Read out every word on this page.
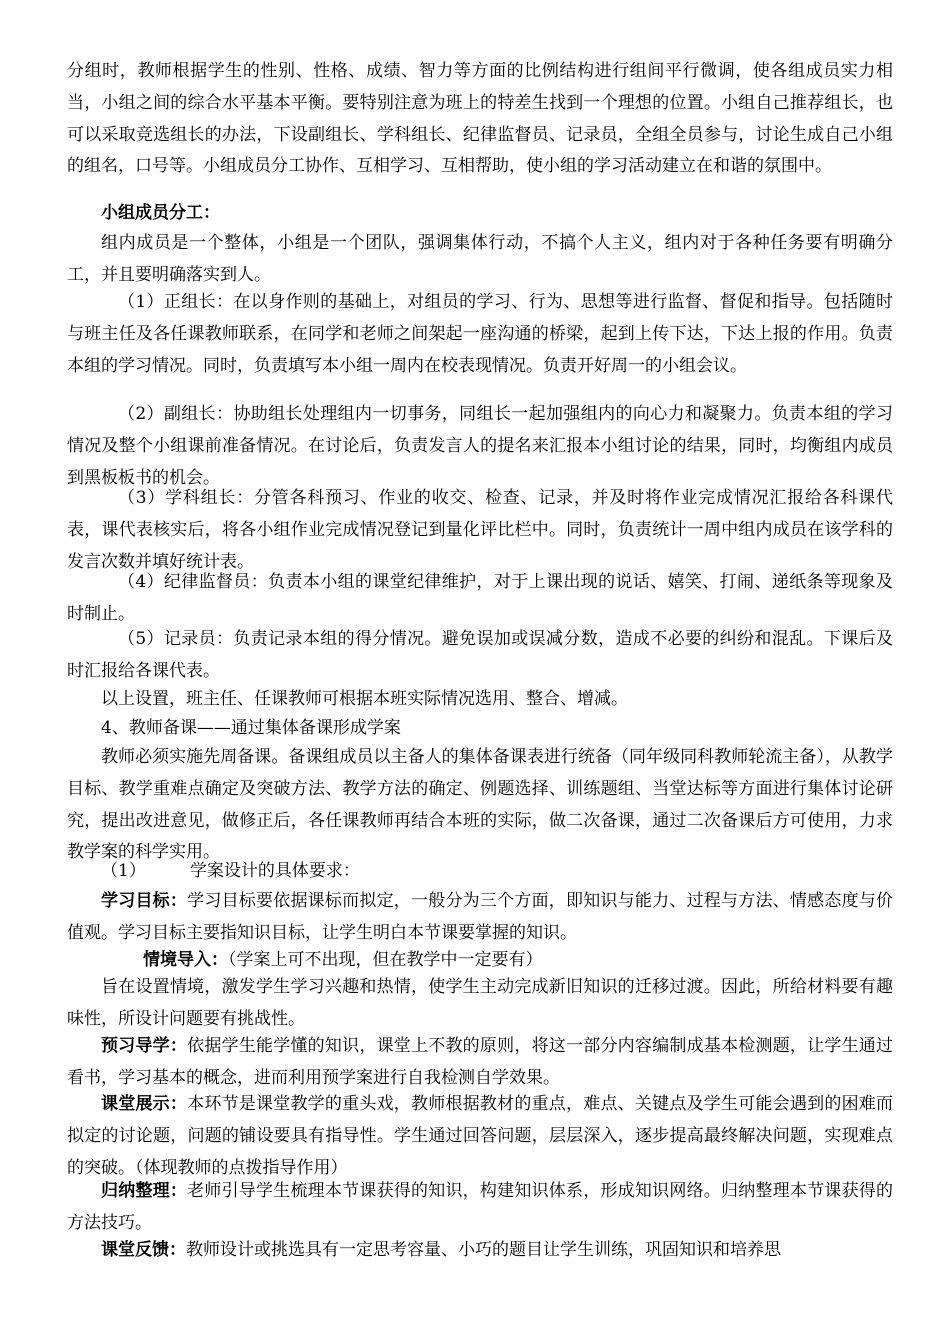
分组时，教师根据学生的性别、性格、成绩、智力等方面的比例结构进行组间平行微调，使各组成员实力相当，小组之间的综合水平基本平衡。要特别注意为班上的特差生找到一个理想的位置。小组自己推荐组长，也可以采取竞选组长的办法，下设副组长、学科组长、纪律监督员、记录员，全组全员参与，讨论生成自己小组的组名，口号等。小组成员分工协作、互相学习、互相帮助，使小组的学习活动建立在和谐的氛围中。

小组成员分工：

组内成员是一个整体，小组是一个团队，强调集体行动，不搞个人主义，组内对于各种任务要有明确分工，并且要明确落实到人。

（1）正组长：在以身作则的基础上，对组员的学习、行为、思想等进行监督、督促和指导。包括随时与班主任及各任课教师联系，在同学和老师之间架起一座沟通的桥梁，起到上传下达，下达上报的作用。负责本组的学习情况。同时，负责填写本小组一周内在校表现情况。负责开好周一的小组会议。

（2）副组长：协助组长处理组内一切事务，同组长一起加强组内的向心力和凝聚力。负责本组的学习情况及整个小组课前准备情况。在讨论后，负责发言人的提名来汇报本小组讨论的结果，同时，均衡组内成员到黑板板书的机会。

（3）学科组长：分管各科预习、作业的收交、检查、记录，并及时将作业完成情况汇报给各科课代表，课代表核实后，将各小组作业完成情况登记到量化评比栏中。同时，负责统计一周中组内成员在该学科的发言次数并填好统计表。

（4）纪律监督员：负责本小组的课堂纪律维护，对于上课出现的说话、嬉笑、打闹、递纸条等现象及时制止。

（5）记录员：负责记录本组的得分情况。避免误加或误减分数，造成不必要的纠纷和混乱。下课后及时汇报给各课代表。

以上设置，班主任、任课教师可根据本班实际情况选用、整合、增减。

4、教师备课——通过集体备课形成学案

教师必须实施先周备课。备课组成员以主备人的集体备课表进行统备（同年级同科教师轮流主备），从教学目标、教学重难点确定及突破方法、教学方法的确定、例题选择、训练题组、当堂达标等方面进行集体讨论研究，提出改进意见，做修正后，各任课教师再结合本班的实际，做二次备课，通过二次备课后方可使用，力求教学案的科学实用。

（1）	学案设计的具体要求：

学习目标：学习目标要依据课标而拟定，一般分为三个方面，即知识与能力、过程与方法、情感态度与价值观。学习目标主要指知识目标，让学生明白本节课要掌握的知识。

情境导入：（学案上可不出现，但在教学中一定要有）

旨在设置情境，激发学生学习兴趣和热情，使学生主动完成新旧知识的迁移过渡。因此，所给材料要有趣味性，所设计问题要有挑战性。

预习导学：依据学生能学懂的知识，课堂上不教的原则，将这一部分内容编制成基本检测题，让学生通过看书，学习基本的概念，进而利用预学案进行自我检测自学效果。

课堂展示：本环节是课堂教学的重头戏，教师根据教材的重点，难点、关键点及学生可能会遇到的困难而拟定的讨论题，问题的铺设要具有指导性。学生通过回答问题，层层深入，逐步提高最终解决问题，实现难点的突破。（体现教师的点拨指导作用）

归纳整理：老师引导学生梳理本节课获得的知识，构建知识体系，形成知识网络。归纳整理本节课获得的方法技巧。

课堂反馈：教师设计或挑选具有一定思考容量、小巧的题目让学生训练，巩固知识和培养思
